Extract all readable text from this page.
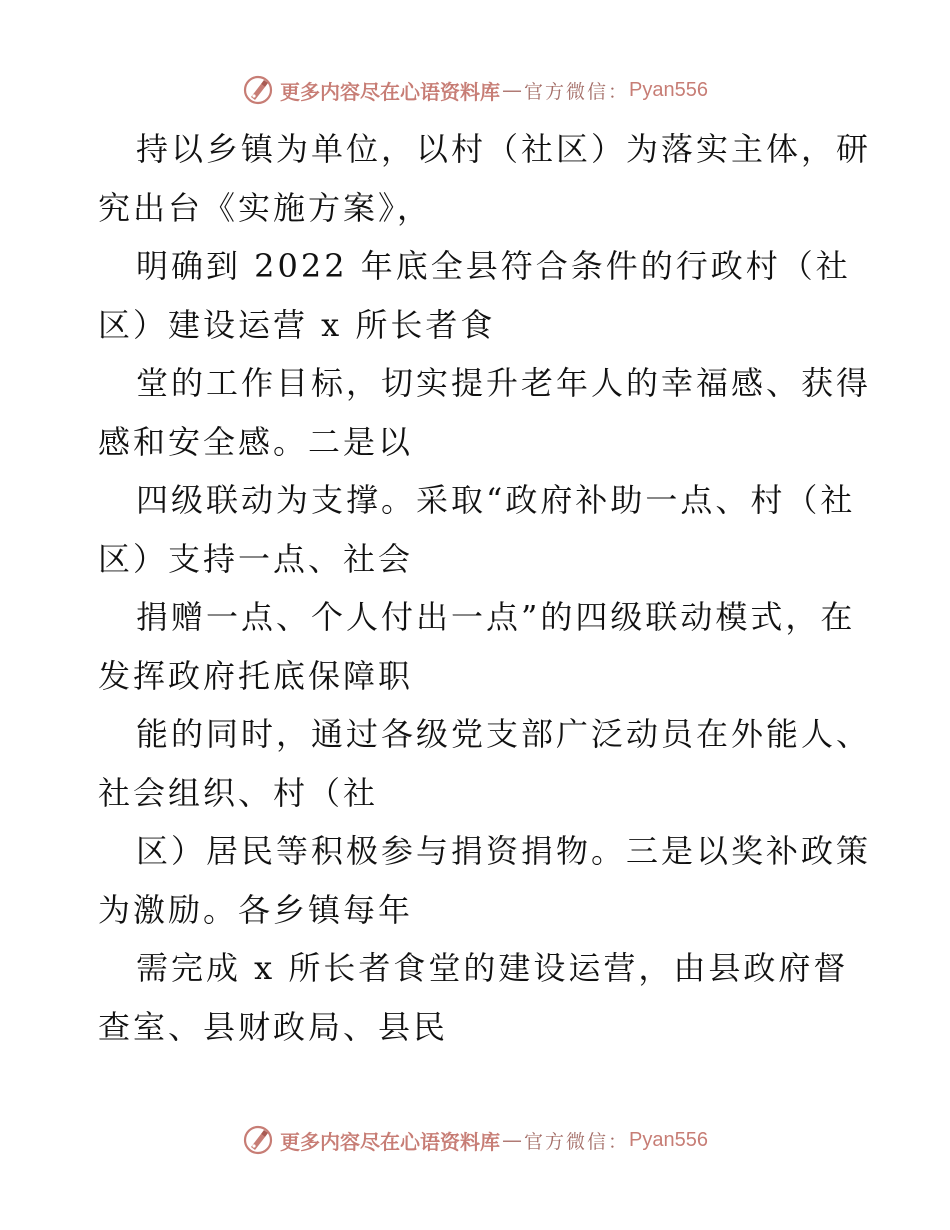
更多内容尽在心语资料库 — 官方微信： Pyan556
持以乡镇为单位，以村（社区）为落实主体，研
究出台《实施方案》，
明确到 2022 年底全县符合条件的行政村（社
区）建设运营 x 所长者食
堂的工作目标，切实提升老年人的幸福感、获得
感和安全感。二是以
四级联动为支撑。采取“政府补助一点、村（社
区）支持一点、社会
捐赠一点、个人付出一点”的四级联动模式，在
发挥政府托底保障职
能的同时，通过各级党支部广泛动员在外能人、
社会组织、村（社
区）居民等积极参与捐资捐物。三是以奖补政策
为激励。各乡镇每年
需完成 x 所长者食堂的建设运营，由县政府督
查室、县财政局、县民
更多内容尽在心语资料库 — 官方微信： Pyan556
